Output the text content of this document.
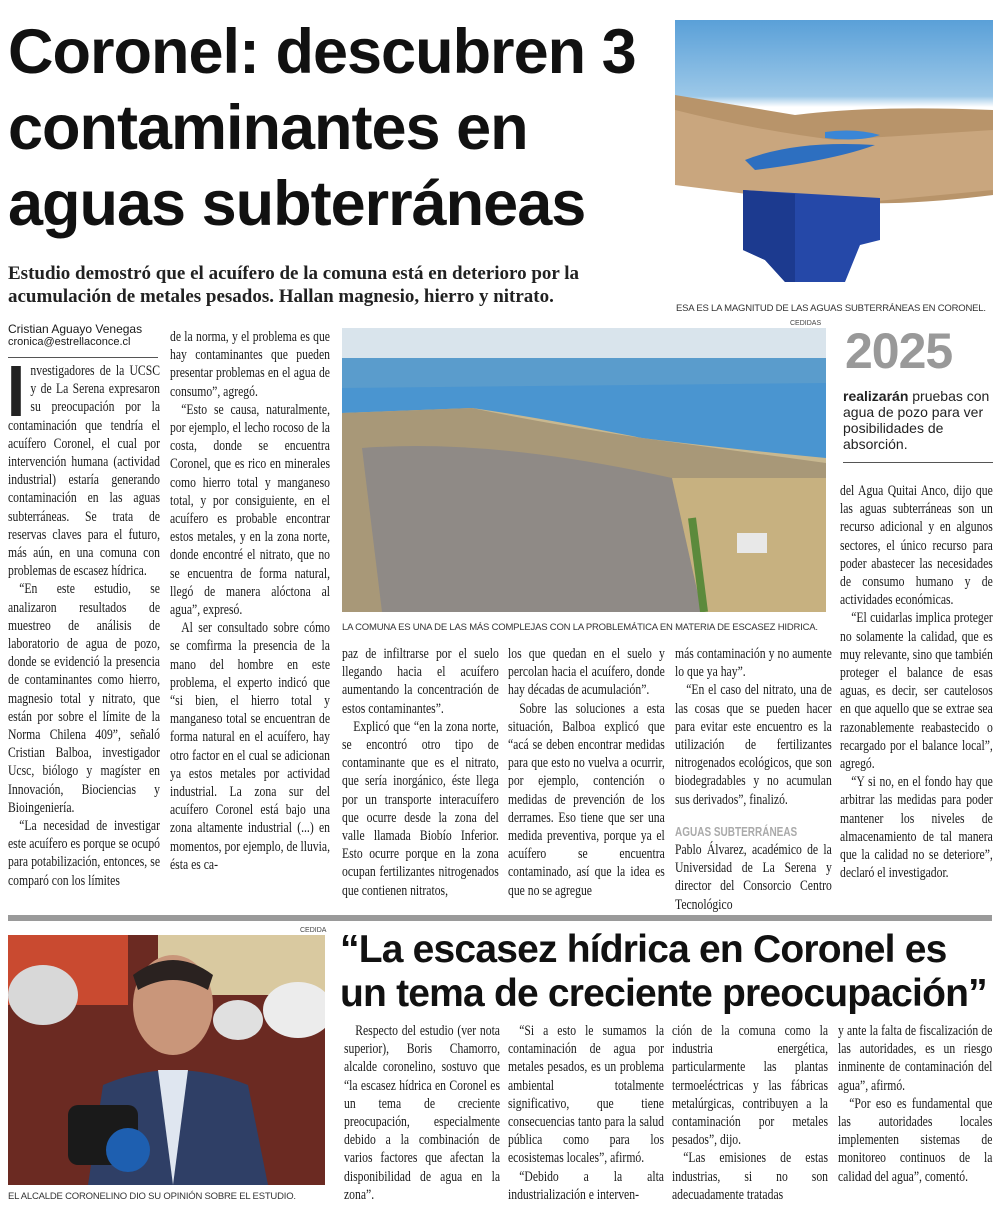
Coronel: descubren 3 contaminantes en aguas subterráneas
Estudio demostró que el acuífero de la comuna está en deterioro por la acumulación de metales pesados. Hallan magnesio, hierro y nitrato.
ESA ES LA MAGNITUD DE LAS AGUAS SUBTERRÁNEAS EN CORONEL.
Cristian Aguayo Venegas
cronica@estrellaconce.cl
CEDIDAS
LA COMUNA ES UNA DE LAS MÁS COMPLEJAS CON LA PROBLEMÁTICA EN MATERIA DE ESCASEZ HIDRICA.
2025
realizarán pruebas con agua de pozo para ver posibilidades de absorción.

nvestigadores de la UCSC y de La Serena expresaron su preocupación por la contaminación que tendría el acuífero Coronel, el cual por intervención humana (actividad industrial) estaría generando contaminación en las aguas subterráneas. Se trata de reservas claves para el futuro, más aún, en una comuna con problemas de escasez hídrica.

“En este estudio, se analizaron resultados de muestreo de análisis de laboratorio de agua de pozo, donde se evidenció la presencia de contaminantes como hierro, magnesio total y nitrato, que están por sobre el límite de la Norma Chilena 409”, señaló Cristian Balboa, investigador Ucsc, biólogo y magíster en Innovación, Biociencias y Bioingeniería.

“La necesidad de investigar este acuífero es porque se ocupó para potabilización, entonces, se comparó con los límites

de la norma, y el problema es que hay contaminantes que pueden presentar problemas en el agua de consumo”, agregó.

“Esto se causa, naturalmente, por ejemplo, el lecho rocoso de la costa, donde se encuentra Coronel, que es rico en minerales como hierro total y manganeso total, y por consiguiente, en el acuífero es probable encontrar estos metales, y en la zona norte, donde encontré el nitrato, que no se encuentra de forma natural, llegó de manera alóctona al agua”, expresó.

Al ser consultado sobre cómo se comfirma la presencia de la mano del hombre en este problema, el experto indicó que “si bien, el hierro total y manganeso total se encuentran de forma natural en el acuífero, hay otro factor en el cual se adicionan ya estos metales por actividad industrial. La zona sur del acuífero Coronel está bajo una zona altamente industrial (...) en momentos, por ejemplo, de lluvia, ésta es ca-

paz de infiltrarse por el suelo llegando hacia el acuífero aumentando la concentración de estos contaminantes”.

Explicó que “en la zona norte, se encontró otro tipo de contaminante que es el nitrato, que sería inorgánico, éste llega por un transporte interacuífero que ocurre desde la zona del valle llamada Biobío Inferior. Esto ocurre porque en la zona ocupan fertilizantes nitrogenados que contienen nitratos,

los que quedan en el suelo y percolan hacia el acuífero, donde hay décadas de acumulación”.

Sobre las soluciones a esta situación, Balboa explicó que “acá se deben encontrar medidas para que esto no vuelva a ocurrir, por ejemplo, contención o medidas de prevención de los derrames. Eso tiene que ser una medida preventiva, porque ya el acuífero se encuentra contaminado, así que la idea es que no se agregue

más contaminación y no aumente lo que ya hay”.

“En el caso del nitrato, una de las cosas que se pueden hacer para evitar este encuentro es la utilización de fertilizantes nitrogenados ecológicos, que son biodegradables y no acumulan sus derivados”, finalizó.

AGUAS SUBTERRÁNEAS

Pablo Álvarez, académico de la Universidad de La Serena y director del Consorcio Centro Tecnológico

del Agua Quitai Anco, dijo que las aguas subterráneas son un recurso adicional y en algunos sectores, el único recurso para poder abastecer las necesidades de consumo humano y de actividades económicas.

“El cuidarlas implica proteger no solamente la calidad, que es muy relevante, sino que también proteger el balance de esas aguas, es decir, ser cautelosos en que aquello que se extrae sea razonablemente reabastecido o recargado por el balance local”, agregó.

“Y si no, en el fondo hay que arbitrar las medidas para poder mantener los niveles de almacenamiento de tal manera que la calidad no se deteriore”, declaró el investigador.

CEDIDA
EL ALCALDE CORONELINO DIO SU OPINIÓN SOBRE EL ESTUDIO.
“La escasez hídrica en Coronel es un tema de creciente preocupación”

Respecto del estudio (ver nota superior), Boris Chamorro, alcalde coronelino, sostuvo que “la escasez hídrica en Coronel es un tema de creciente preocupación, especialmente debido a la combinación de varios factores que afectan la disponibilidad de agua en la zona”.

“Si a esto le sumamos la contaminación de agua por metales pesados, es un problema ambiental totalmente significativo, que tiene consecuencias tanto para la salud pública como para los ecosistemas locales”, afirmó.

“Debido a la alta industrialización e interven-

ción de la comuna como la industria energética, particularmente las plantas termoeléctricas y las fábricas metalúrgicas, contribuyen a la contaminación por metales pesados”, dijo.

“Las emisiones de estas industrias, si no son adecuadamente tratadas

y ante la falta de fiscalización de las autoridades, es un riesgo inminente de contaminación del agua”, afirmó.

“Por eso es fundamental que las autoridades locales implementen sistemas de monitoreo continuos de la calidad del agua”, comentó.
